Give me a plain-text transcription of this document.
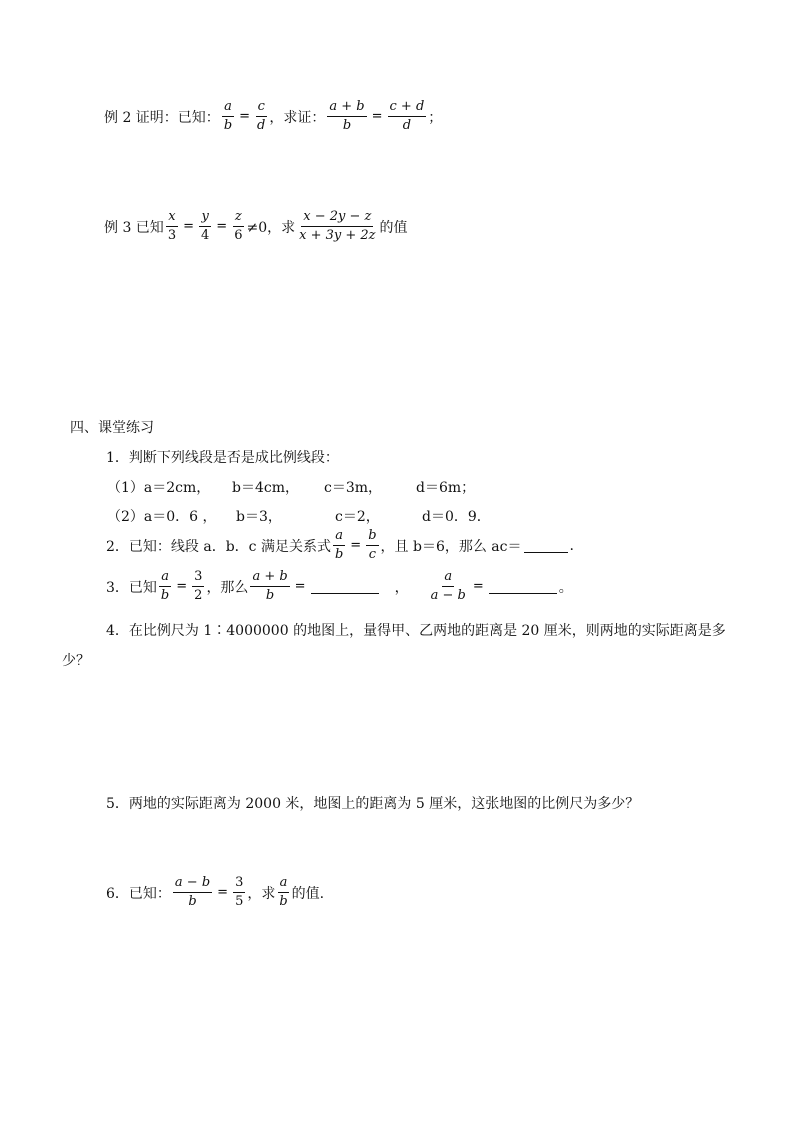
例 2 证明：已知： $\frac{a}{b} = \frac{c}{d}$ ，求证： $\frac{a + b}{b} = \frac{c + d}{d}$ ；
例 3 已知 $\frac{x}{3} = \frac{y}{4} = \frac{z}{6} \ne 0$，求 $\frac{x - 2y - z}{x + 3y + 2z}$ 的值
四、课堂练习
1．判断下列线段是否是成比例线段：
（1）a＝2cm，	b＝4cm，	c＝3m，	d＝6m；
（2）a＝0．6 ，	b＝3，	c＝2，	d＝0．9．
2．已知：线段 a．b．c 满足关系式 $\frac{a}{b} = \frac{b}{c}$ ，且 b＝6，那么 ac＝	.
3．已知 $\frac{a}{b} = \frac{3}{2}$ ，那么 $\frac{a + b}{b}$ =	， $\frac{a}{a - b}$ =	。
4．在比例尺为 1∶4000000 的地图上，量得甲、乙两地的距离是 20 厘米，则两地的实际距离是多少？
5．两地的实际距离为 2000 米，地图上的距离为 5 厘米，这张地图的比例尺为多少？
6．已知： $\frac{a - b}{b} = \frac{3}{5}$ ，求 $\frac{a}{b}$ 的值.
